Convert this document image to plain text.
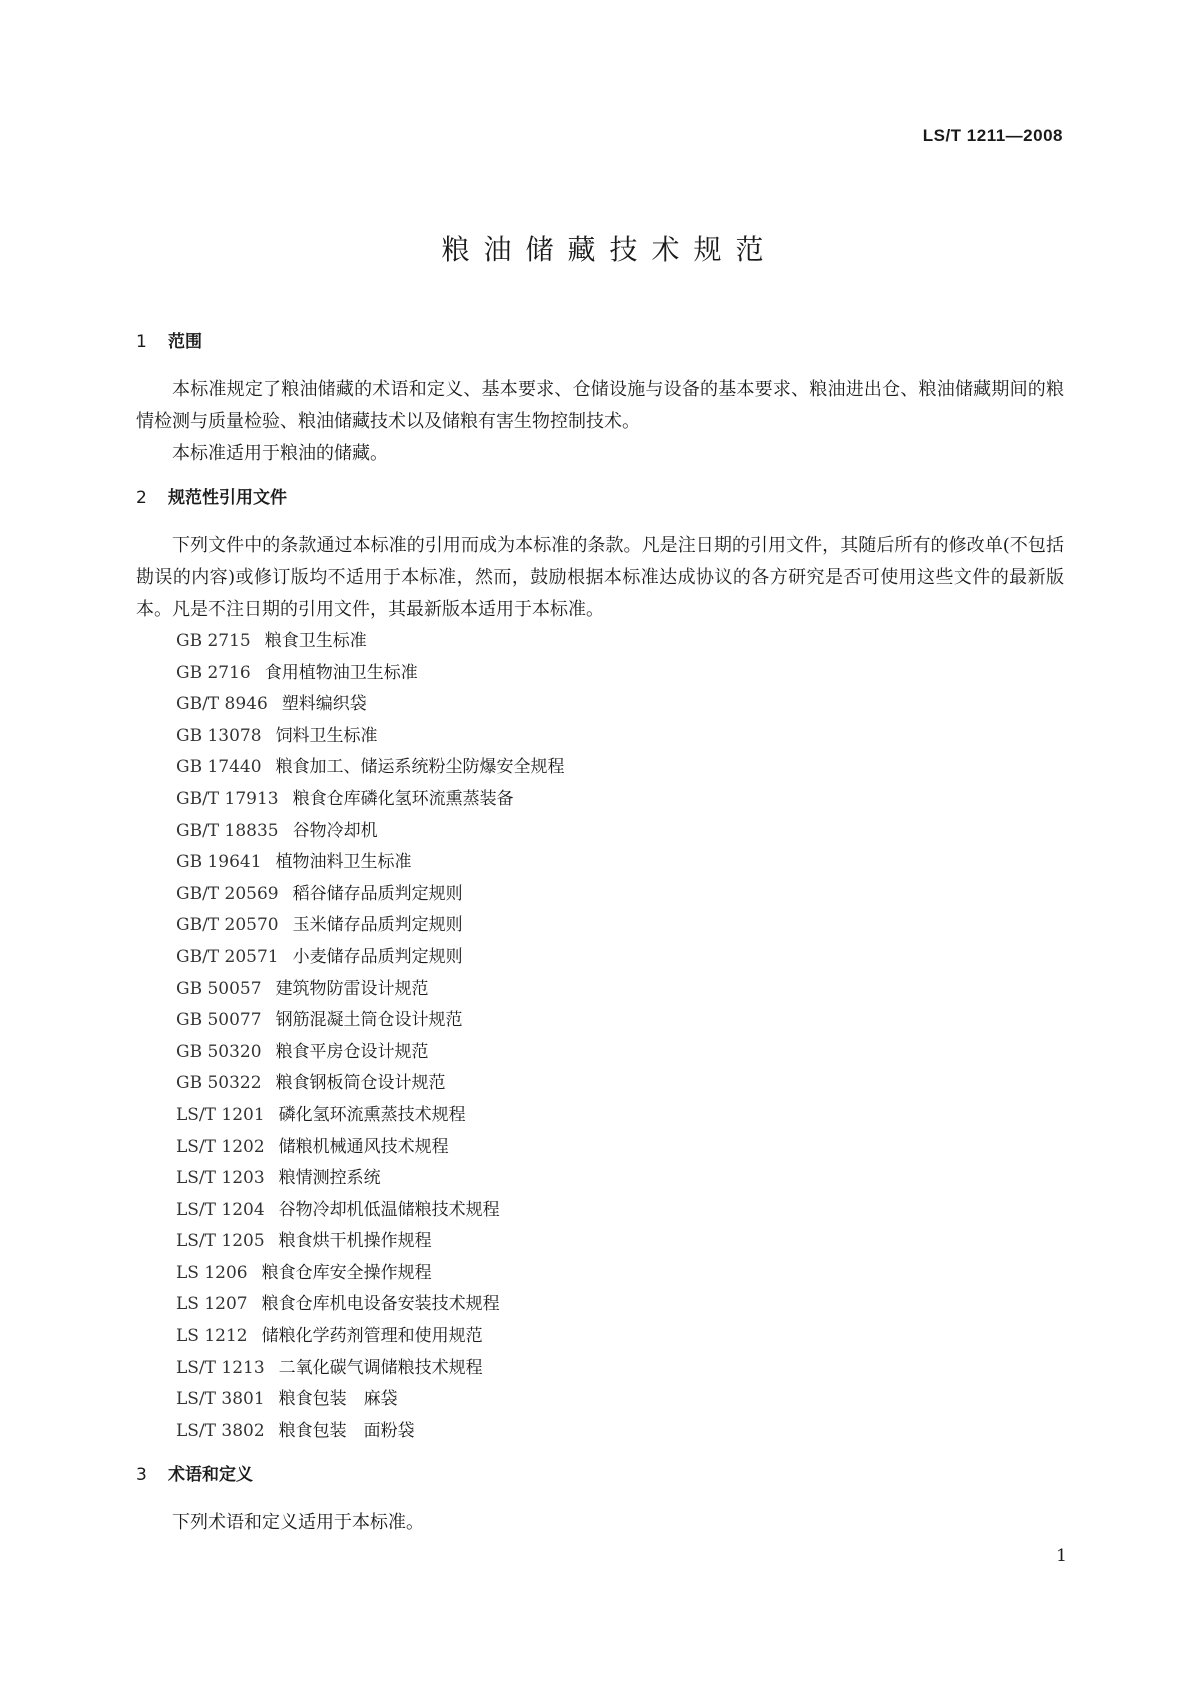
LS/T 1211—2008

粮油储藏技术规范
1	范围

本标准规定了粮油储藏的术语和定义、基本要求、仓储设施与设备的基本要求、粮油进出仓、粮油储藏期间的粮情检测与质量检验、粮油储藏技术以及储粮有害生物控制技术。

本标准适用于粮油的储藏。

2	规范性引用文件

下列文件中的条款通过本标准的引用而成为本标准的条款。凡是注日期的引用文件，其随后所有的修改单(不包括勘误的内容)或修订版均不适用于本标准，然而，鼓励根据本标准达成协议的各方研究是否可使用这些文件的最新版本。凡是不注日期的引用文件，其最新版本适用于本标准。

GB 2715 粮食卫生标准
GB 2716 食用植物油卫生标准
GB/T 8946 塑料编织袋
GB 13078 饲料卫生标准
GB 17440 粮食加工、储运系统粉尘防爆安全规程
GB/T 17913 粮食仓库磷化氢环流熏蒸装备
GB/T 18835 谷物冷却机
GB 19641 植物油料卫生标准
GB/T 20569 稻谷储存品质判定规则
GB/T 20570 玉米储存品质判定规则
GB/T 20571 小麦储存品质判定规则
GB 50057 建筑物防雷设计规范
GB 50077 钢筋混凝土筒仓设计规范
GB 50320 粮食平房仓设计规范
GB 50322 粮食钢板筒仓设计规范
LS/T 1201 磷化氢环流熏蒸技术规程
LS/T 1202 储粮机械通风技术规程
LS/T 1203 粮情测控系统
LS/T 1204 谷物冷却机低温储粮技术规程
LS/T 1205 粮食烘干机操作规程
LS 1206 粮食仓库安全操作规程
LS 1207 粮食仓库机电设备安装技术规程
LS 1212 储粮化学药剂管理和使用规范
LS/T 1213 二氧化碳气调储粮技术规程
LS/T 3801 粮食包装　麻袋
LS/T 3802 粮食包装　面粉袋
3	术语和定义

下列术语和定义适用于本标准。

1
